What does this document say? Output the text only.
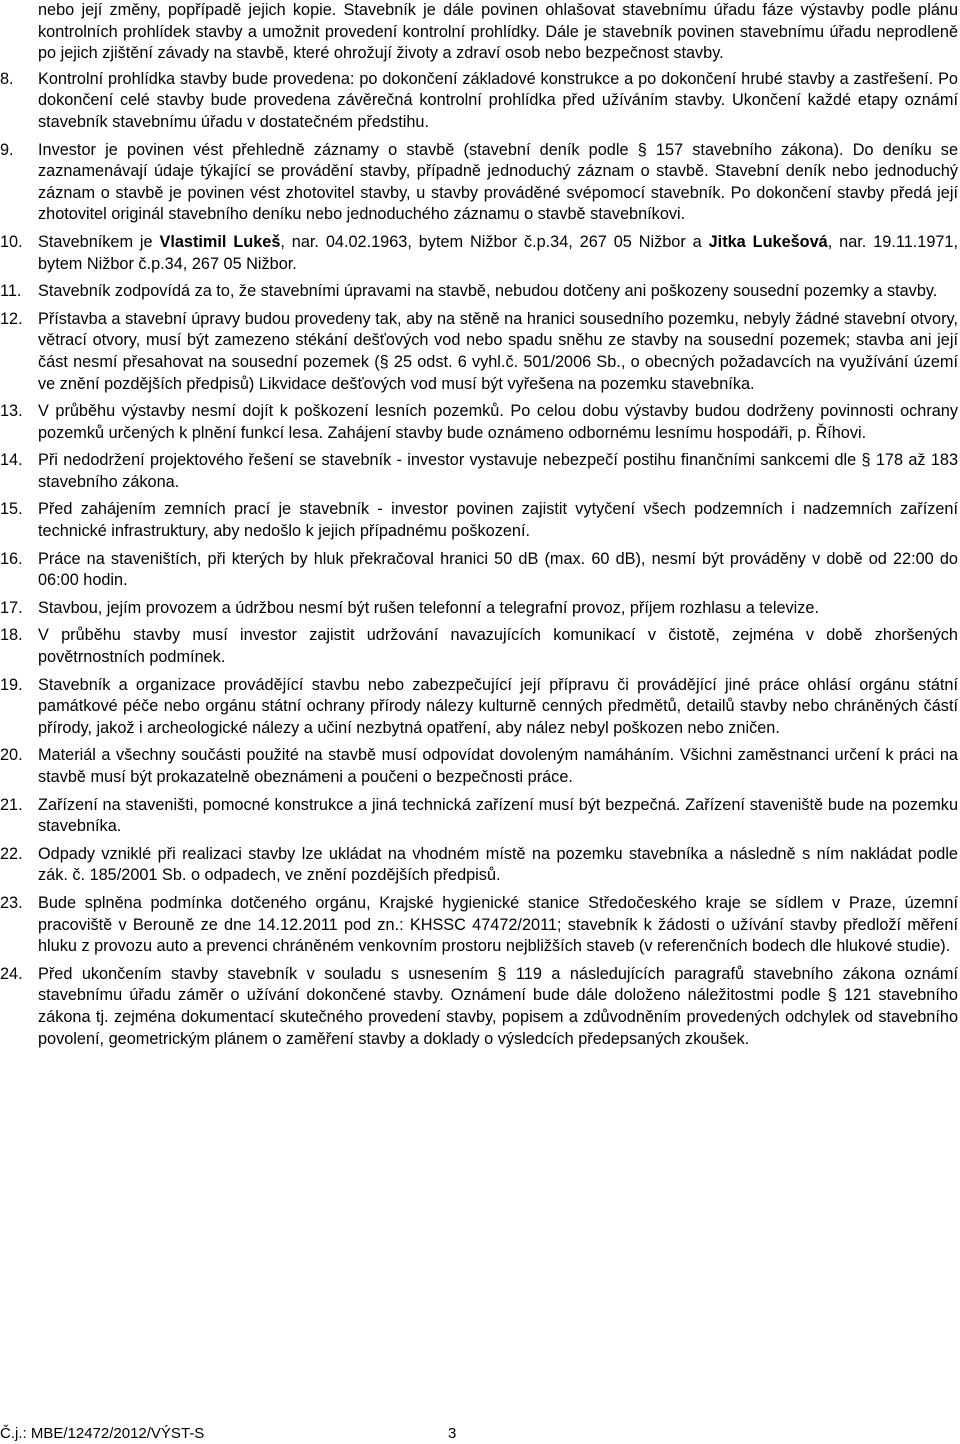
nebo její změny, popřípadě jejich kopie. Stavebník je dále povinen ohlašovat stavebnímu úřadu fáze výstavby podle plánu kontrolních prohlídek stavby a umožnit provedení kontrolní prohlídky. Dále je stavebník povinen stavebnímu úřadu neprodleně po jejich zjištění závady na stavbě, které ohrožují životy a zdraví osob nebo bezpečnost stavby.
8. Kontrolní prohlídka stavby bude provedena: po dokončení základové konstrukce a po dokončení hrubé stavby a zastřešení. Po dokončení celé stavby bude provedena závěrečná kontrolní prohlídka před užíváním stavby. Ukončení každé etapy oznámí stavebník stavebnímu úřadu v dostatečném předstihu.
9. Investor je povinen vést přehledně záznamy o stavbě (stavební deník podle § 157 stavebního zákona). Do deníku se zaznamenávají údaje týkající se provádění stavby, případně jednoduchý záznam o stavbě. Stavební deník nebo jednoduchý záznam o stavbě je povinen vést zhotovitel stavby, u stavby prováděné svépomocí stavebník. Po dokončení stavby předá její zhotovitel originál stavebního deníku nebo jednoduchého záznamu o stavbě stavebníkovi.
10. Stavebníkem je Vlastimil Lukeš, nar. 04.02.1963, bytem Nižbor č.p.34, 267 05 Nižbor a Jitka Lukešová, nar. 19.11.1971, bytem Nižbor č.p.34, 267 05 Nižbor.
11. Stavebník zodpovídá za to, že stavebními úpravami na stavbě, nebudou dotčeny ani poškozeny sousední pozemky a stavby.
12. Přístavba a stavební úpravy budou provedeny tak, aby na stěně na hranici sousedního pozemku, nebyly žádné stavební otvory, větrací otvory, musí být zamezeno stékání dešťových vod nebo spadu sněhu ze stavby na sousední pozemek; stavba ani její část nesmí přesahovat na sousední pozemek (§ 25 odst. 6 vyhl.č. 501/2006 Sb., o obecných požadavcích na využívání území ve znění pozdějších předpisů) Likvidace dešťových vod musí být vyřešena na pozemku stavebníka.
13. V průběhu výstavby nesmí dojít k poškození lesních pozemků. Po celou dobu výstavby budou dodrženy povinnosti ochrany pozemků určených k plnění funkcí lesa. Zahájení stavby bude oznámeno odbornému lesnímu hospodáři, p. Říhovi.
14. Při nedodržení projektového řešení se stavebník - investor vystavuje nebezpečí postihu finančními sankcemi dle § 178 až 183 stavebního zákona.
15. Před zahájením zemních prací je stavebník - investor povinen zajistit vytyčení všech podzemních i nadzemních zařízení technické infrastruktury, aby nedošlo k jejich případnému poškození.
16. Práce na staveništích, při kterých by hluk překračoval hranici 50 dB (max. 60 dB), nesmí být prováděny v době od 22:00 do 06:00 hodin.
17. Stavbou, jejím provozem a údržbou nesmí být rušen telefonní a telegrafní provoz, příjem rozhlasu a televize.
18. V průběhu stavby musí investor zajistit udržování navazujících komunikací v čistotě, zejména v době zhoršených povětrnostních podmínek.
19. Stavebník a organizace provádějící stavbu nebo zabezpečující její přípravu či provádějící jiné práce ohlásí orgánu státní památkové péče nebo orgánu státní ochrany přírody nálezy kulturně cenných předmětů, detailů stavby nebo chráněných částí přírody, jakož i archeologické nálezy a učiní nezbytná opatření, aby nález nebyl poškozen nebo zničen.
20. Materiál a všechny součásti použité na stavbě musí odpovídat dovoleným namáháním. Všichni zaměstnanci určení k práci na stavbě musí být prokazatelně obeznámeni a poučeni o bezpečnosti práce.
21. Zařízení na staveništi, pomocné konstrukce a jiná technická zařízení musí být bezpečná. Zařízení staveniště bude na pozemku stavebníka.
22. Odpady vzniklé při realizaci stavby lze ukládat na vhodném místě na pozemku stavebníka a následně s ním nakládat podle zák. č. 185/2001 Sb. o odpadech, ve znění pozdějších předpisů.
23. Bude splněna podmínka dotčeného orgánu, Krajské hygienické stanice Středočeského kraje se sídlem v Praze, územní pracoviště v Berouně ze dne 14.12.2011 pod zn.: KHSSC 47472/2011; stavebník k žádosti o užívání stavby předloží měření hluku z provozu auto a prevenci chráněném venkovním prostoru nejbližších staveb (v referenčních bodech dle hlukové studie).
24. Před ukončením stavby stavebník v souladu s usnesením § 119 a následujících paragrafů stavebního zákona oznámí stavebnímu úřadu záměr o užívání dokončené stavby. Oznámení bude dále doloženo náležitostmi podle § 121 stavebního zákona tj. zejména dokumentací skutečného provedení stavby, popisem a zdůvodněním provedených odchylek od stavebního povolení, geometrickým plánem o zaměření stavby a doklady o výsledcích předepsaných zkoušek.
Č.j.: MBE/12472/2012/VÝST-S	3
